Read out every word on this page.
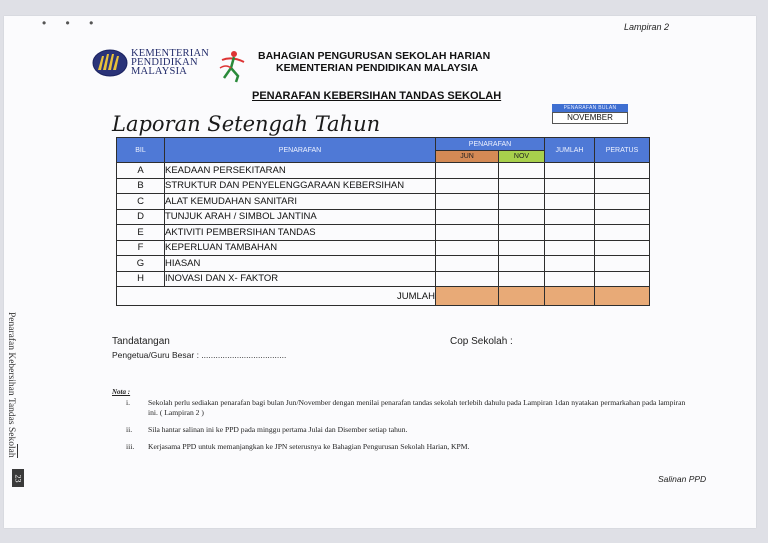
• • •	Lampiran 2
Penarafan Kebersihan Tandas Sekolah
23
KEMENTERIAN
PENDIDIKAN
MALAYSIA
BAHAGIAN PENGURUSAN SEKOLAH HARIAN
KEMENTERIAN PENDIDIKAN MALAYSIA
PENARAFAN KEBERSIHAN TANDAS SEKOLAH
PENARAFAN BULAN
NOVEMBER
Laporan Setengah Tahun
BIL	PENARAFAN	PENARAFAN		JUMLAH	PERATUS
		JUN	NOV		
A	KEADAAN PERSEKITARAN				
B	STRUKTUR DAN PENYELENGGARAAN KEBERSIHAN				
C	ALAT KEMUDAHAN SANITARI				
D	TUNJUK ARAH / SIMBOL JANTINA				
E	AKTIVITI PEMBERSIHAN TANDAS				
F	KEPERLUAN TAMBAHAN				
G	HIASAN				
H	INOVASI DAN X- FAKTOR				
JUMLAH					
Tandatangan
Pengetua/Guru Besar : ....................................
Cop Sekolah :
Nota :
i. Sekolah perlu sediakan penarafan bagi bulan Jun/November dengan menilai penarafan tandas sekolah terlebih dahulu pada Lampiran 1dan nyatakan permarkahan pada lampiran ini. ( Lampiran 2 )
ii. Sila hantar salinan ini ke PPD pada minggu pertama Julai dan Disember setiap tahun.
iii. Kerjasama PPD untuk memanjangkan ke JPN seterusnya ke Bahagian Pengurusan Sekolah Harian, KPM.
Salinan PPD
